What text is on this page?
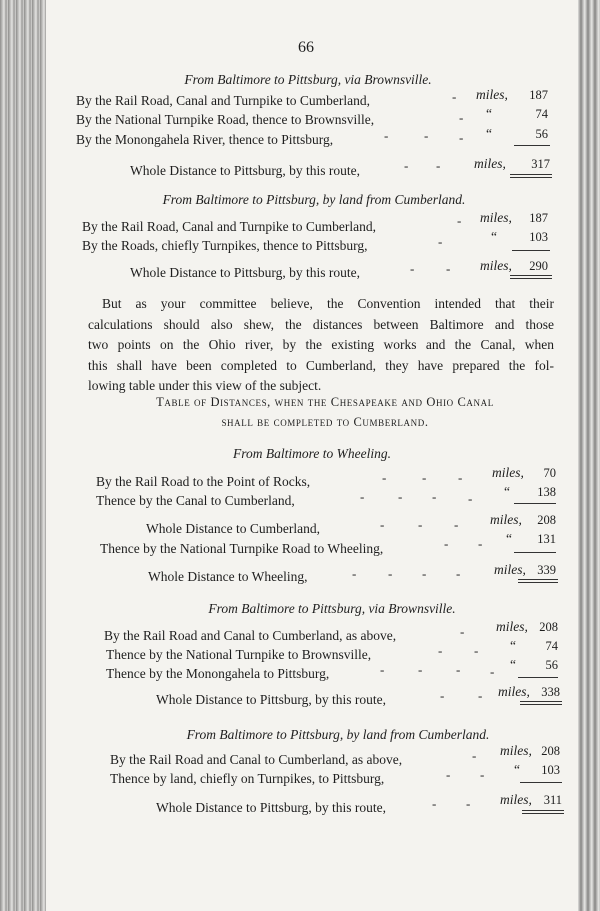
66
From Baltimore to Pittsburg, via Brownsville.
By the Rail Road, Canal and Turnpike to Cumberland,	- miles,	187
By the National Turnpike Road, thence to Brownsville,	- “	74
By the Monongahela River, thence to Pittsburg,	-	- - “	56
Whole Distance to Pittsburg, by this route,	- - miles,	317
From Baltimore to Pittsburg, by land from Cumberland.
By the Rail Road, Canal and Turnpike to Cumberland,	- miles,	187
By the Roads, chiefly Turnpikes, thence to Pittsburg,	-	“	103
Whole Distance to Pittsburg, by this route,	- - miles,	290
But as your committee believe, the Convention intended that their
calculations should also shew, the distances between Baltimore and those
two points on the Ohio river, by the existing works and the Canal, when
this shall have been completed to Cumberland, they have prepared the fol-
lowing table under this view of the subject.
Table of Distances, when the Chesapeake and Ohio Canal
shall be completed to Cumberland.
From Baltimore to Wheeling.
By the Rail Road to the Point of Rocks,	-	- - miles,	70
Thence by the Canal to Cumberland,	-	- - - “	138
Whole Distance to Cumberland,	-	- - miles,	208
Thence by the National Turnpike Road to Wheeling,	- - “	131
Whole Distance to Wheeling,	- - - - miles, 339
From Baltimore to Pittsburg, via Brownsville.
By the Rail Road and Canal to Cumberland, as above,	- miles, 208
Thence by the National Turnpike to Brownsville,	- - “	74
Thence by the Monongahela to Pittsburg,	-	-	- - “	56
Whole Distance to Pittsburg, by this route,	-	- miles, 338
From Baltimore to Pittsburg, by land from Cumberland.
By the Rail Road and Canal to Cumberland, as above,	- miles, 208
Thence by land, chiefly on Turnpikes, to Pittsburg,	- - “	103
Whole Distance to Pittsburg, by this route,	- - miles, 311
